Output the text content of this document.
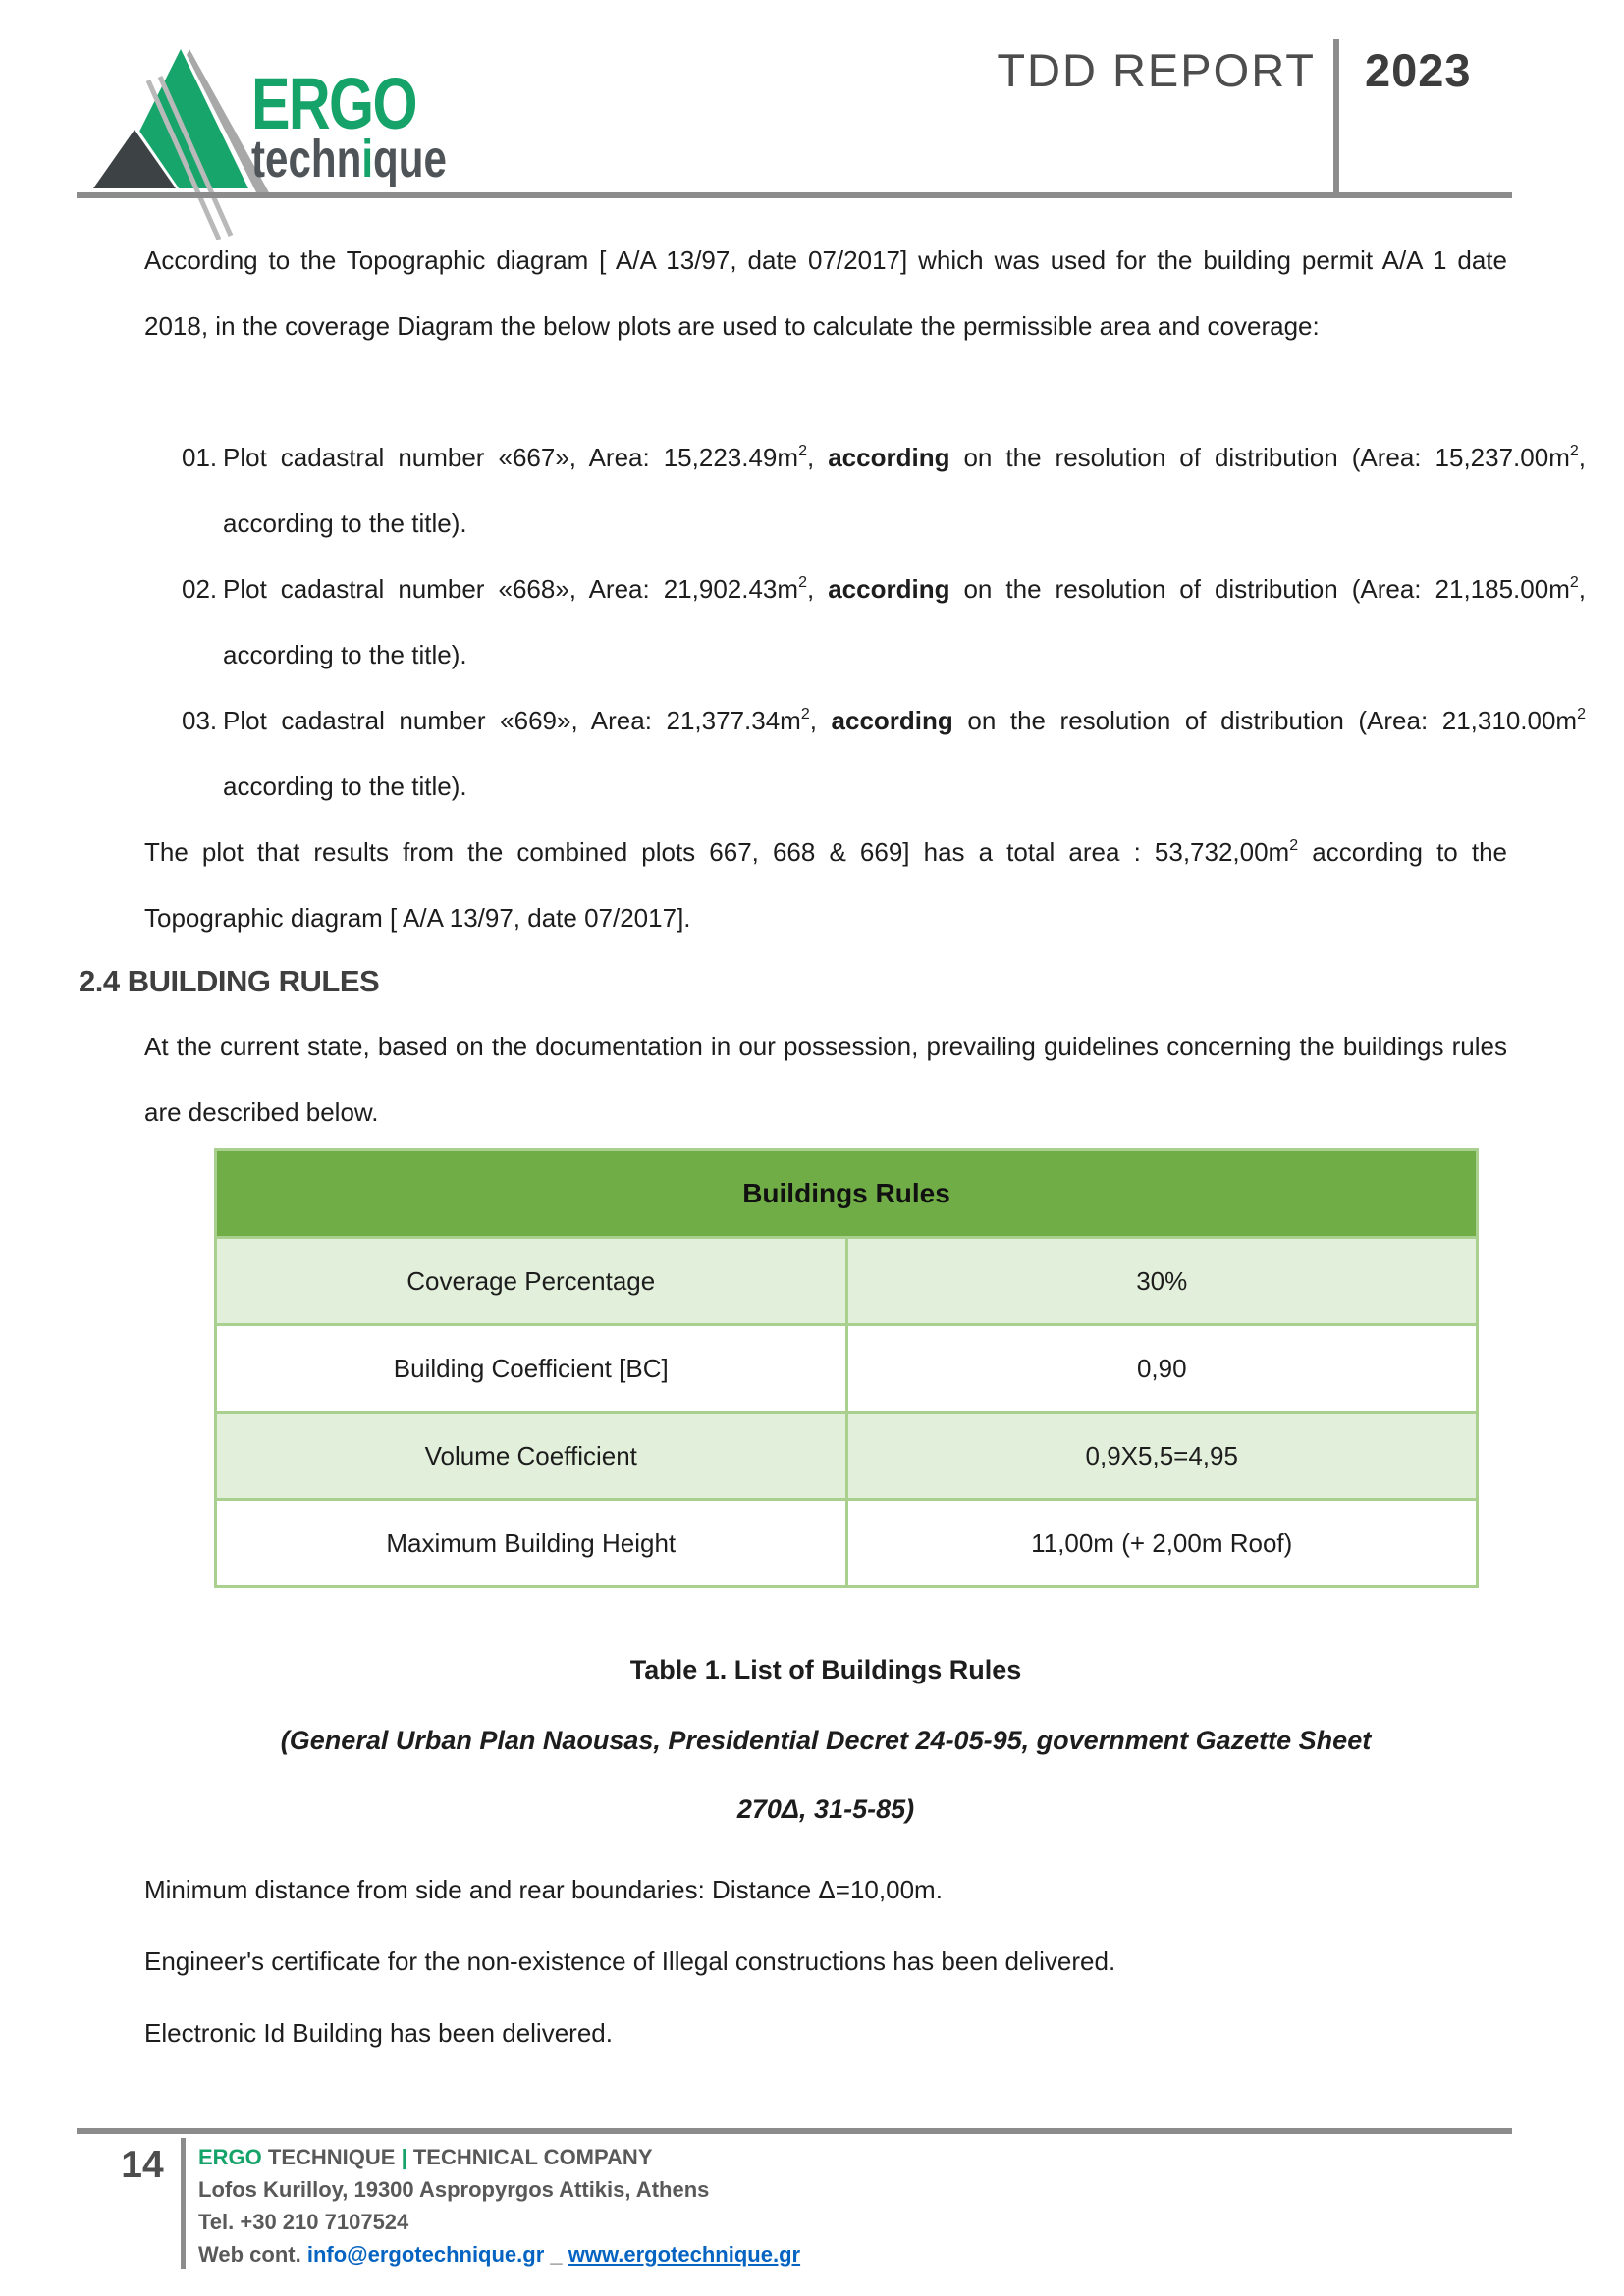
ERGO
technique
TDD REPORT 2023
According to the Topographic diagram [ A/A 13/97, date 07/2017] which was used for the building permit A/A 1 date 2018, in the coverage Diagram the below plots are used to calculate the permissible area and coverage:
01. Plot cadastral number «667», Area: $15,223.49m^2$, according on the resolution of distribution (Area: $15,237.00m^2$, according to the title).
02. Plot cadastral number «668», Area: $21,902.43m^2$, according on the resolution of distribution (Area: $21,185.00m^2$, according to the title).
03. Plot cadastral number «669», Area: $21,377.34m^2$, according on the resolution of distribution (Area: $21,310.00m^2$ according to the title).
The plot that results from the combined plots 667, 668 & 669] has a total area : $53,732,00m^2$ according to the Topographic diagram [ A/A 13/97, date 07/2017].
2.4 BUILDING RULES
At the current state, based on the documentation in our possession, prevailing guidelines concerning the buildings rules are described below.
Buildings Rules	
Coverage Percentage	30%
Building Coefficient [BC]	0,90
Volume Coefficient	0,9X5,5=4,95
Maximum Building Height	11,00m (+ 2,00m Roof)
Table 1. List of Buildings Rules
(General Urban Plan Naousas, Presidential Decret 24-05-95, government Gazette Sheet
270Δ, 31-5-85)
Minimum distance from side and rear boundaries: Distance Δ=10,00m.
Engineer's certificate for the non-existence of Illegal constructions has been delivered.
Electronic Id Building has been delivered.
14	ERGO TECHNIQUE | TECHNICAL COMPANY
Lofos Kurilloy, 19300 Aspropyrgos Attikis, Athens
Tel. +30 210 7107524
Web cont. info@ergotechnique.gr _ www.ergotechnique.gr
